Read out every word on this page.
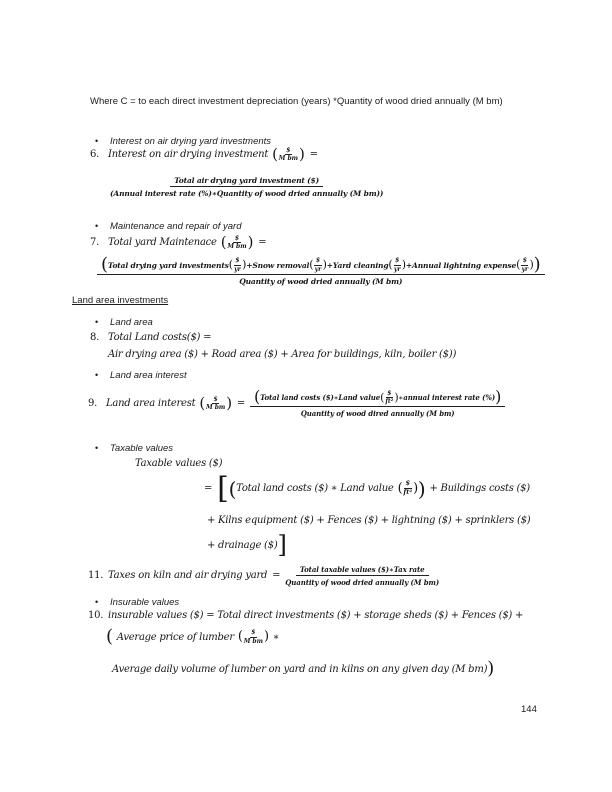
Where C = to each direct investment depreciation (years) *Quantity of wood dried annually (M bm)
•	Interest on air drying yard investments
6. Interest on air drying investment ( $
M bm ) =
Total air drying yard investment ($)
(Annual interest rate (%)∗Quantity of wood dried annually (M bm))
•	Maintenance and repair of yard
7. Total yard Maintenace ( $
M bm ) =
( Total drying yard investments ( $
yr ) +Snow removal ( $
yr ) +Yard cleaning ( $
yr ) +Annual lightning expense ( $
yr ) )
Quantity of wood dried annually (M bm)
Land area investments
•	Land area
8. Total Land costs($) =
Air drying area ($) + Road area ($) + Area for buildings, kiln, boiler ($))
•	Land area interest
9. Land area interest ( $
M bm ) = ( Total land costs ($)∗Land value ( $
ft² ) ∗annual interest rate (%) )
Quantity of wood dired annually (M bm)
•	Taxable values
Taxable values ($)
= [ ( Total land costs ($) ∗ Land value ( $
ft² ) ) + Buildings costs ($)
+ Kilns equipment ($) + Fences ($) + lightning ($) + sprinklers ($)
+ drainage ($) ]
11. Taxes on kiln and air drying yard =
Total taxable values ($)∗Tax rate
Quantity of wood dried annually (M bm)
•	Insurable values
10. insurable values ($) = Total direct investments ($) + storage sheds ($) + Fences ($) +
( Average price of lumber ( $
M bm ) ∗
Average daily volume of lumber on yard and in kilns on any given day (M bm) )
144
